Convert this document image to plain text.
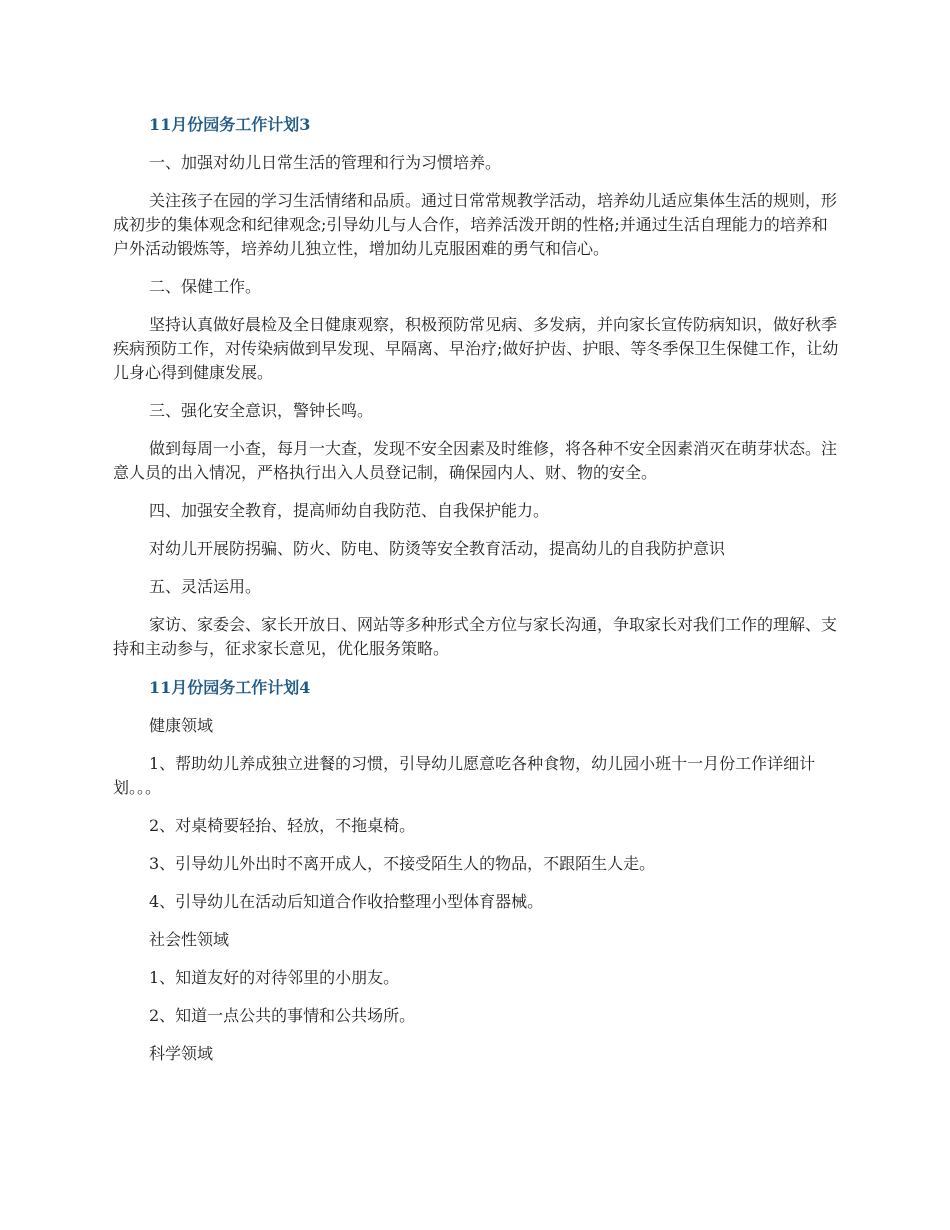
11月份园务工作计划3

一、加强对幼儿日常生活的管理和行为习惯培养。

关注孩子在园的学习生活情绪和品质。通过日常常规教学活动，培养幼儿适应集体生活的规则，形成初步的集体观念和纪律观念;引导幼儿与人合作，培养活泼开朗的性格;并通过生活自理能力的培养和户外活动锻炼等，培养幼儿独立性，增加幼儿克服困难的勇气和信心。

二、保健工作。

坚持认真做好晨检及全日健康观察，积极预防常见病、多发病，并向家长宣传防病知识，做好秋季疾病预防工作，对传染病做到早发现、早隔离、早治疗;做好护齿、护眼、等冬季保卫生保健工作，让幼儿身心得到健康发展。

三、强化安全意识，警钟长鸣。

做到每周一小查，每月一大查，发现不安全因素及时维修，将各种不安全因素消灭在萌芽状态。注意人员的出入情况，严格执行出入人员登记制，确保园内人、财、物的安全。

四、加强安全教育，提高师幼自我防范、自我保护能力。

对幼儿开展防拐骗、防火、防电、防烫等安全教育活动，提高幼儿的自我防护意识

五、灵活运用。

家访、家委会、家长开放日、网站等多种形式全方位与家长沟通，争取家长对我们工作的理解、支持和主动参与，征求家长意见，优化服务策略。

11月份园务工作计划4

健康领域

1、帮助幼儿养成独立进餐的习惯，引导幼儿愿意吃各种食物，幼儿园小班十一月份工作详细计划。。。

2、对桌椅要轻抬、轻放，不拖桌椅。

3、引导幼儿外出时不离开成人，不接受陌生人的物品，不跟陌生人走。

4、引导幼儿在活动后知道合作收拾整理小型体育器械。

社会性领域

1、知道友好的对待邻里的小朋友。

2、知道一点公共的事情和公共场所。

科学领域
